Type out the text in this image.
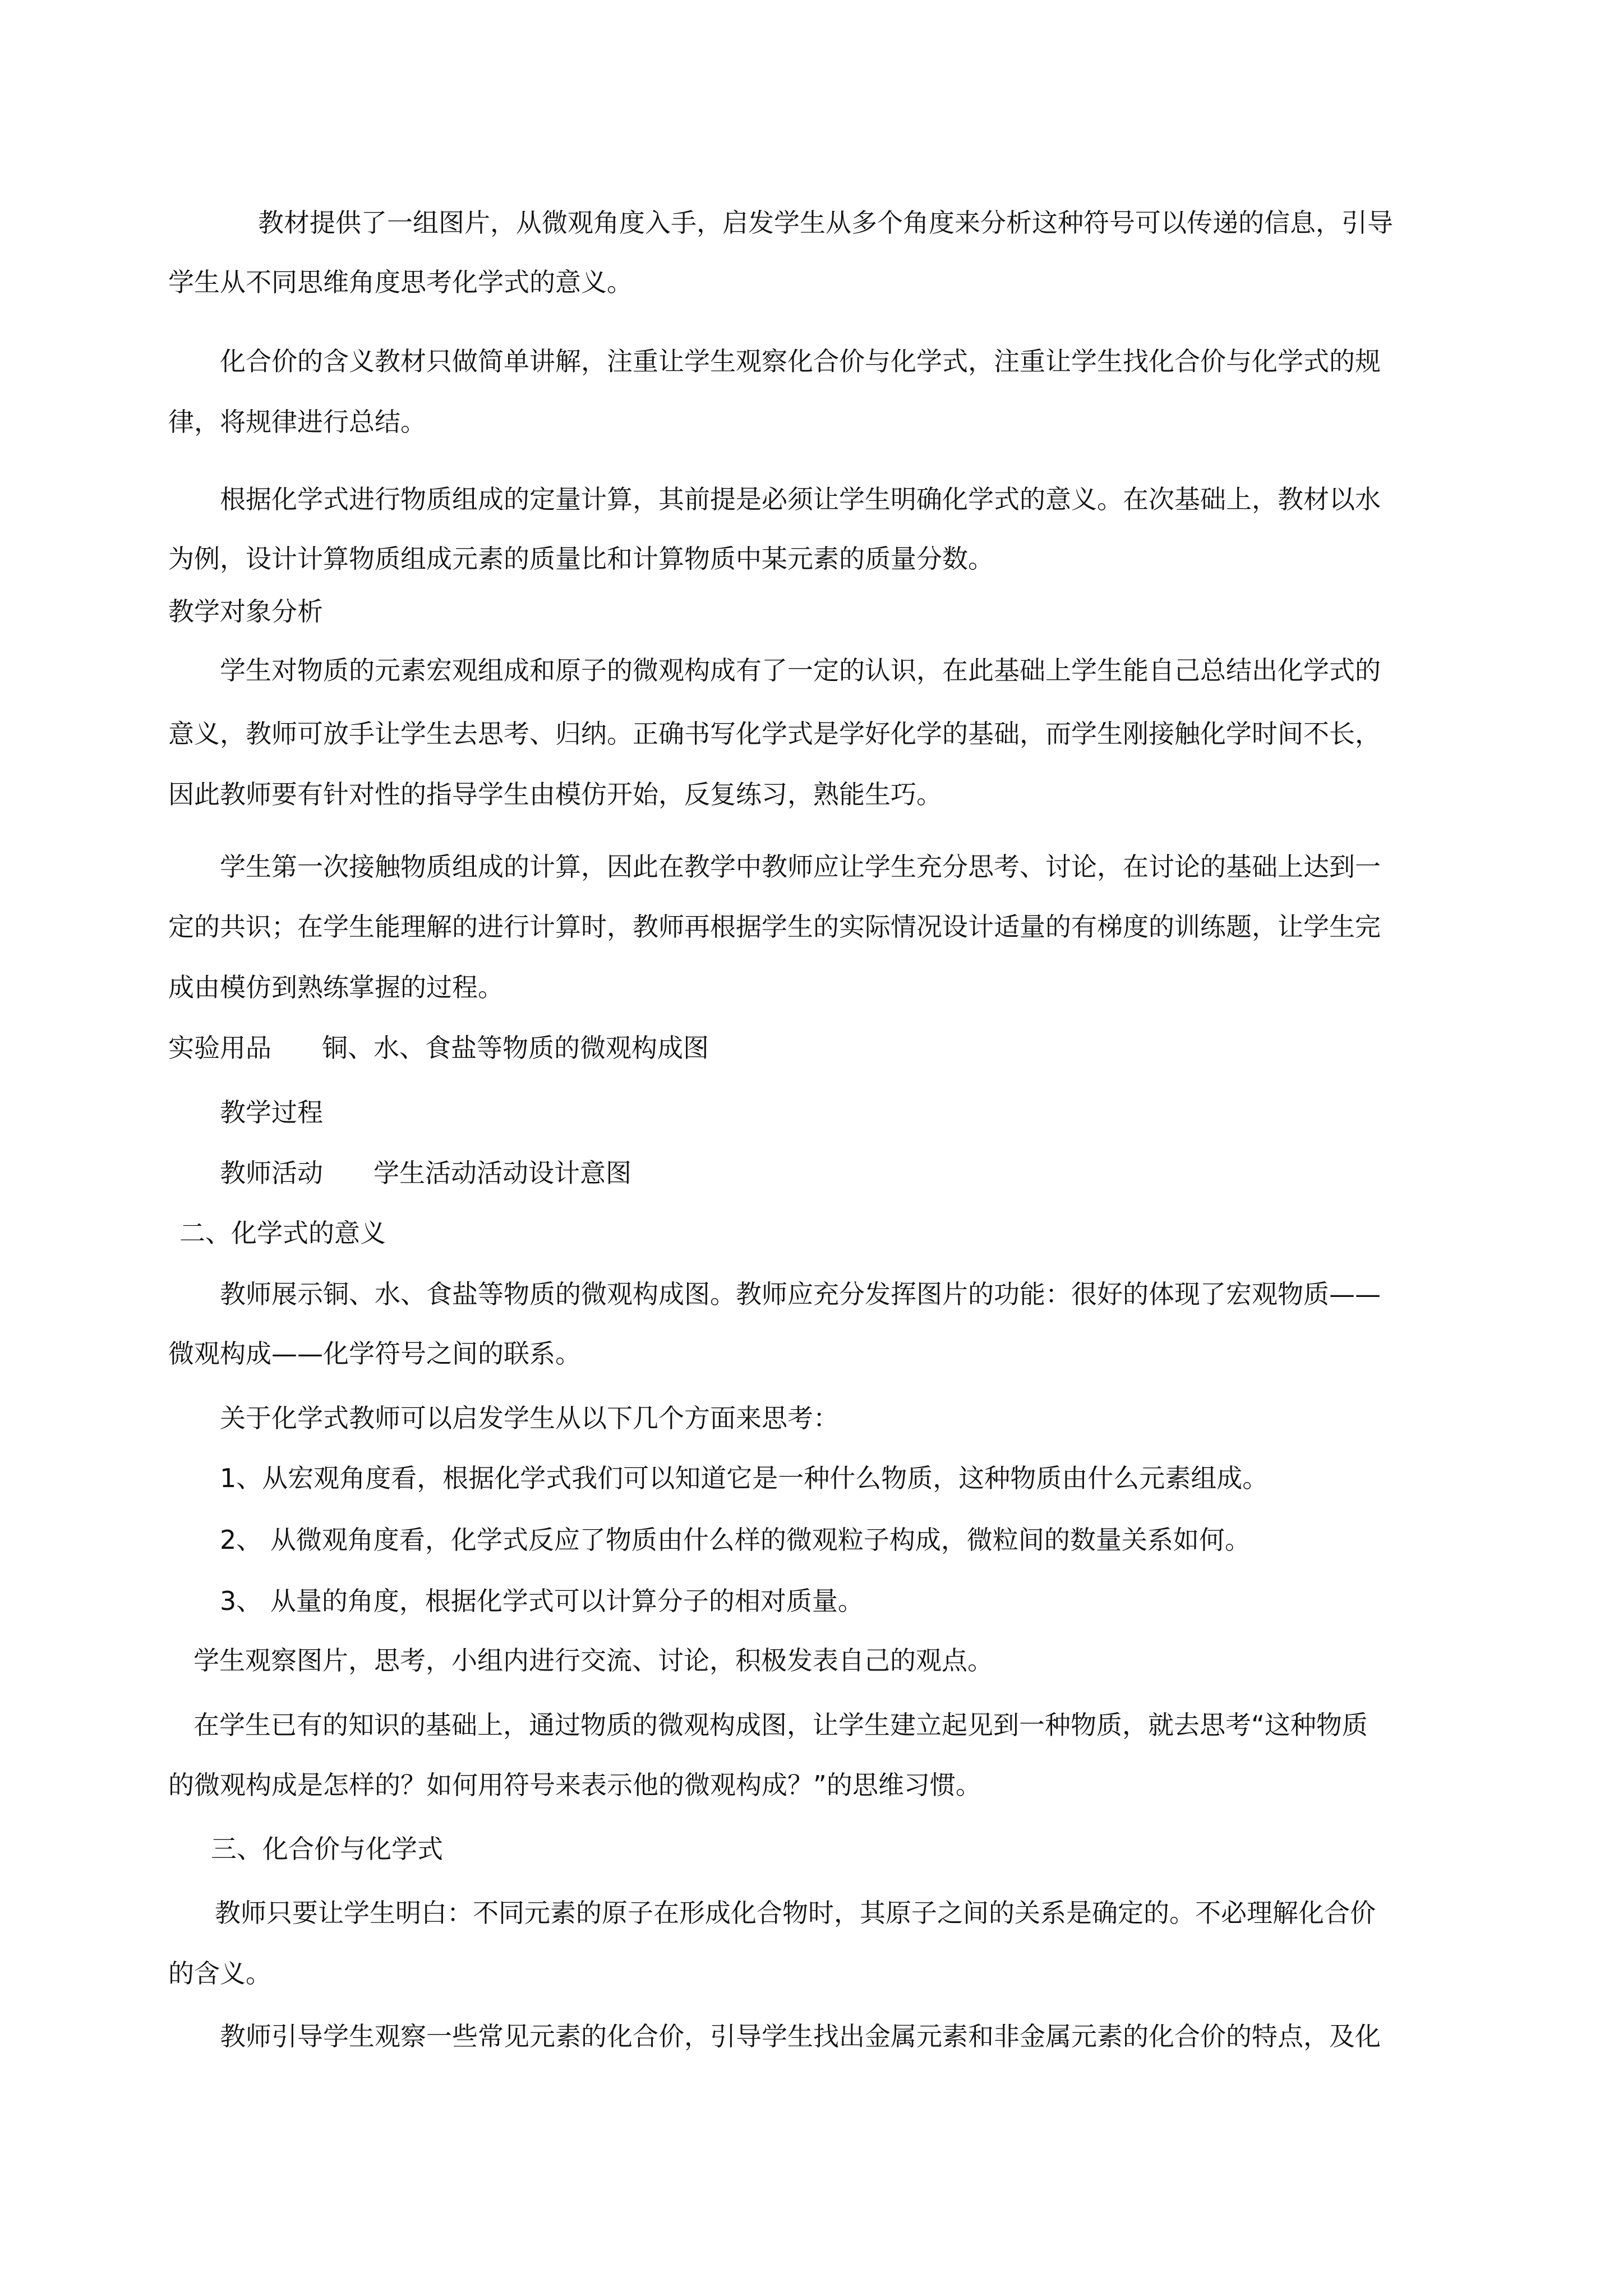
教材提供了一组图片，从微观角度入手，启发学生从多个角度来分析这种符号可以传递的信息，引导
学生从不同思维角度思考化学式的意义。
化合价的含义教材只做简单讲解，注重让学生观察化合价与化学式，注重让学生找化合价与化学式的规
律，将规律进行总结。
根据化学式进行物质组成的定量计算，其前提是必须让学生明确化学式的意义。在次基础上，教材以水
为例，设计计算物质组成元素的质量比和计算物质中某元素的质量分数。
教学对象分析
学生对物质的元素宏观组成和原子的微观构成有了一定的认识，在此基础上学生能自己总结出化学式的
意义，教师可放手让学生去思考、归纳。正确书写化学式是学好化学的基础，而学生刚接触化学时间不长，
因此教师要有针对性的指导学生由模仿开始，反复练习，熟能生巧。
学生第一次接触物质组成的计算，因此在教学中教师应让学生充分思考、讨论，在讨论的基础上达到一
定的共识；在学生能理解的进行计算时，教师再根据学生的实际情况设计适量的有梯度的训练题，让学生完
成由模仿到熟练掌握的过程。
实验用品 铜、水、食盐等物质的微观构成图
教学过程
教师活动 学生活动活动设计意图
二、化学式的意义
教师展示铜、水、食盐等物质的微观构成图。教师应充分发挥图片的功能：很好的体现了宏观物质——
微观构成——化学符号之间的联系。
关于化学式教师可以启发学生从以下几个方面来思考：
1、从宏观角度看，根据化学式我们可以知道它是一种什么物质，这种物质由什么元素组成。
2、 从微观角度看，化学式反应了物质由什么样的微观粒子构成，微粒间的数量关系如何。
3、 从量的角度，根据化学式可以计算分子的相对质量。
学生观察图片，思考，小组内进行交流、讨论，积极发表自己的观点。
在学生已有的知识的基础上，通过物质的微观构成图，让学生建立起见到一种物质，就去思考“这种物质
的微观构成是怎样的？如何用符号来表示他的微观构成？”的思维习惯。
三、化合价与化学式
教师只要让学生明白：不同元素的原子在形成化合物时，其原子之间的关系是确定的。不必理解化合价
的含义。
教师引导学生观察一些常见元素的化合价，引导学生找出金属元素和非金属元素的化合价的特点，及化
